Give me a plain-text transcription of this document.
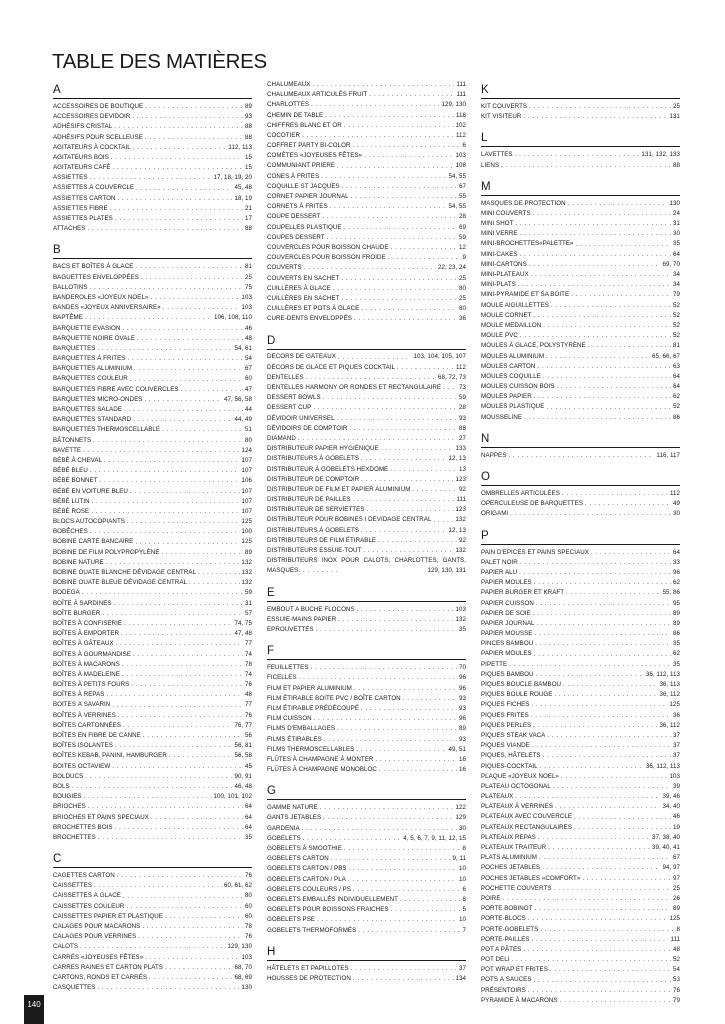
TABLE DES MATIÈRES
A
ACCESSOIRES DE BOUTIQUE . . .	89
ACCESSOIRES DEVIDOIR . . .	93
ADHÉSIFS CRISTAL . . .	88
ADHÉSIFS POUR SCELLEUSE . . .	88
AGITATEURS À COCKTAIL . . .	112, 113
AGITATEURS BOIS . . .	15
AGITATEURS CAFÉ . . .	15
ASSIETTES . . .	17, 18, 19, 20
ASSIETTES À COUVERCLE . . .	45, 48
ASSIETTES CARTON . . .	18, 19
ASSIETTES FIBRE . . .	21
ASSIETTES PLATES . . .	17
ATTACHES . . .	88
B
BACS ET BOÎTES À GLACE . . .	81
BAGUETTES ENVELOPPÉES . . .	25
BALLOTINS . . .	75
BANDEROLES «JOYEUX NOEL» . . .	103
BANDES «JOYEUX ANNIVERSAIRE» . . .	103
BAPTÊME . . .	106, 108, 110
BARQUETTE EVASION . . .	46
BARQUETTE NOIRE OVALE . . .	48
BARQUETTES . . .	54, 61
BARQUETTES À FRITES . . .	54
BARQUETTES ALUMINIUM . . .	67
BARQUETTES COULEUR . . .	60
BARQUETTES FIBRE AVEC COUVERCLES . . .	47
BARQUETTES MICRO-ONDES . . .	47, 56, 58
BARQUETTES SALADE . . .	44
BARQUETTES STANDARD . . .	44, 49
BARQUETTES THERMOSCELLABLE . . .	51
BÂTONNETS . . .	80
BAVETTE . . .	124
BÉBÉ À CHEVAL . . .	107
BÉBÉ BLEU . . .	107
BÉBÉ BONNET . . .	106
BÉBÉ EN VOITURE BLEU . . .	107
BÉBÉ LUTIN . . .	107
BÉBÉ ROSE . . .	107
BLOCS AUTOCOPIANTS . . .	125
BOBÊCHES . . .	100
BOBINE CARTE BANCAIRE . . .	125
BOBINE DE FILM POLYPROPYLÈNE . . .	89
BOBINE NATURE . . .	132
BOBINE OUATE BLANCHE DÉVIDAGE CENTRAL . . .	132
BOBINE OUATE BLEUE DÉVIDAGE CENTRAL . . .	132
BODEGA . . .	59
BOÎTE À SARDINES . . .	31
BOÎTE BURGER . . .	57
BOÎTES À CONFISERIE . . .	74, 75
BOÎTES À EMPORTER . . .	47, 48
BOÎTES À GÂTEAUX . . .	77
BOÎTES À GOURMANDISE . . .	74
BOÎTES À MACARONS . . .	78
BOÎTES À MADELEINE . . .	74
BOÎTES À PETITS FOURS . . .	76
BOÎTES À REPAS . . .	48
BOÎTES À SAVARIN . . .	77
BOÎTES À VERRINES . . .	76
BOÎTES CARTONNÉES . . .	76, 77
BOÎTES EN FIBRE DE CANNE . . .	56
BOÎTES ISOLANTES . . .	56, 81
BOÎTES KEBAB, PANINI, HAMBURGER . . .	56, 58
BOITES OCTAVIEW . . .	45
BOLDUCS . . .	90, 91
BOLS . . .	46, 48
BOUGIES . . .	100, 101, 102
BRIOCHES . . .	64
BRIOCHES ET PAINS SPECIAUX . . .	64
BROCHETTES BOIS . . .	64
BROCHETTES . . .	35
C
CAGETTES CARTON . . .	76
CAISSETTES . . .	60, 61, 62
CAISSETTES À GLACE . . .	80
CAISSETTES COULEUR . . .	60
CAISSETTES PAPIER ET PLASTIQUE . . .	60
CALAGES POUR MACARONS . . .	78
CALAGES POUR VERRINES . . .	76
CALOTS . . .	129, 130
CARRÉS «JOYEUSES FÊTES» . . .	103
CARRES RAINES ET CARTON PLATS . . .	68, 70
CARTONS, RONDS ET CARRÉS . . .	68, 69
CASQUETTES . . .	130
CHALUMEAUX . . .	111
CHALUMEAUX ARTICULÉS FRUIT . . .	111
CHARLOTTES . . .	129, 130
CHEMIN DE TABLE . . .	118
CHIFFRES BLANC ET OR . . .	102
COCOTIER . . .	112
COFFRET PARTY BI-COLOR . . .	6
COMÈTES «JOYEUSES FÊTES» . . .	103
COMMUNIANT PRIÈRE . . .	108
CONES À FRITES . . .	54, 55
COQUILLE ST JACQUES . . .	67
CORNET PAPIER JOURNAL . . .	55
CORNETS À FRITES . . .	54, 55
COUPE DESSERT . . .	28
COUPELLES PLASTIQUE . . .	69
COUPES DESSERT . . .	59
COUVERCLES POUR BOISSON CHAUDE . . .	12
COUVERCLES POUR BOISSON FROIDE . . .	9
COUVERTS . . .	22, 23, 24
COUVERTS EN SACHET . . .	25
CUILLÈRES À GLACE . . .	80
CUILLÈRES EN SACHET . . .	25
CUILLÈRES ET POTS À GLACE . . .	80
CURE-DENTS ENVELOPPÉS . . .	36
D
DÉCORS DE GÂTEAUX . . .	103, 104, 105, 107
DÉCORS DE GLACE ET PIQUES COCKTAIL . . .	112
DENTELLES . . .	68, 72, 73
DENTELLES HARMONY OR RONDES ET RECTANGULAIRE . . .	73
DESSERT BOWLS . . .	59
DESSERT CUP . . .	28
DÉVIDOIR UNIVERSEL . . .	93
DÉVIDOIRS DE COMPTOIR . . .	88
DIAMAND . . .	27
DISTRIBUTEUR PAPIER HYGIÉNIQUE . . .	133
DISTRIBUTEURS À GOBELETS . . .	12, 13
DISTRIBUTEUR À GOBELETS HEXDOME . . .	13
DISTRIBUTEUR DE COMPTOIR . . .	123
DISTRIBUTEUR DE FILM ET PAPIER ALUMINIUM . . .	92
DISTRIBUTEUR DE PAILLES . . .	111
DISTRIBUTEUR DE SERVIETTES . . .	123
DISTRIBUTEUR POUR BOBINES I DÉVIDAGE CENTRAL . . .	132
DISTRIBUTEURS À GOBELETS . . .	12, 13
DISTRIBUTEURS DE FILM ÉTIRABLE . . .	92
DISTRIBUTEURS ESSUIE-TOUT . . .	132
DISTRIBUTEURS INOX POUR CALOTS, CHARLOTTES, GANTS, MASQUES . . .	129, 130, 131
E
EMBOUT A BUCHE FLOCONS . . .	103
ESSUIE-MAINS PAPIER . . .	132
EPROUVETTES . . .	35
F
FEUILLETTES . . .	70
FICELLES . . .	96
FILM ET PAPIER ALUMINIUM . . .	96
FILM ÉTIRABLE BOITE PVC / BOÎTE CARTON . . .	93
FILM ÉTIRABLE PRÉDÉCOUPÉ . . .	93
FILM CUISSON . . .	96
FILMS D'EMBALLAGES . . .	89
FILMS ÉTIRABLES . . .	93
FILMS THERMOSCELLABLES . . .	49, 51
FLÛTES À CHAMPAGNE À MONTER . . .	16
FLÛTES À CHAMPAGNE MONOBLOC . . .	16
G
GAMME NATURE . . .	122
GANTS JETABLES . . .	129
GARDENIA . . .	30
GOBELETS . . .	4, 5, 6, 7, 9, 11, 12, 15
GOBELETS À SMOOTHIE . . .	8
GOBELETS CARTON . . .	9, 11
GOBELETS CARTON / PBS . . .	10
GOBELETS CARTON / PLA . . .	10
GOBELETS COULEURS / PS . . .	6
GOBELETS EMBALLÉS INDIVIDUELLEMENT . . .	8
GOBELETS POUR BOISSONS FRAICHES . . .	5
GOBELETS PSE . . .	10
GOBELETS THERMOFORMÉS . . .	7
H
HÂTELETS ET PAPILLOTES . . .	37
HOUSSES DE PROTECTION . . .	134
K
KIT COUVERTS . . .	25
KIT VISITEUR . . .	131
L
LAVETTES . . .	131, 132, 133
LIENS . . .	88
M
MASQUES DE PROTECTION . . .	130
MINI COUVERTS . . .	24
MINI SHOT . . .	31
MINI VERRE . . .	30
MINI-BROCHETTES«PALETTE» . . .	35
MINI-CAKES . . .	64
MINI-CARTONS . . .	69, 70
MINI-PLATEAUX . . .	34
MINI-PLATS . . .	34
MINI-PYRAMIDE ET SA BOITE . . .	79
MOULE AIGUILLETTES . . .	52
MOULE CORNET . . .	52
MOULE MEDAILLON . . .	52
MOULE PVC . . .	52
MOULES À GLACE, POLYSTYRÈNE . . .	81
MOULES ALUMINIUM . . .	65, 66, 67
MOULES CARTON . . .	63
MOULES COQUILLE . . .	64
MOULES CUISSON BOIS . . .	64
MOULES PAPIER . . .	62
MOULES PLASTIQUE . . .	52
MOUSSELINE . . .	86
N
NAPPES . . .	116, 117
O
OMBRELLES ARTICULÉES . . .	112
OPERCULEUSE DE BARQUETTES . . .	49
ORIGAMI . . .	30
P
PAIN D'EPICES ET PAINS SPECIAUX . . .	64
PALET NOIR . . .	33
PAPIER ALU . . .	96
PAPIER MOULES . . .	62
PAPIER BURGER ET KRAFT . . .	55, 86
PAPIER CUISSON . . .	95
PAPIER DE SOIE . . .	89
PAPIER JOURNAL . . .	89
PAPIER MOUSSE . . .	86
PINCES BAMBOU . . .	35
PAPIER MOULES . . .	62
PIPETTE . . .	35
PIQUES BAMBOU . . .	36, 112, 113
PIQUES BOUCLE BAMBOU . . .	36, 113
PIQUES BOULE ROUGE . . .	36, 112
PIQUES FICHES . . .	125
PIQUES FRITES . . .	36
PIQUES PERLES . . .	36, 112
PIQUES STEAK VACA . . .	37
PIQUES VIANDE . . .	37
PIQUES, HÂTELETS . . .	37
PIQUES-COCKTAIL . . .	36, 112, 113
PLAQUE «JOYEUX NOEL» . . .	103
PLATEAU OCTOGONAL . . .	39
PLATEAUX . . .	39, 46
PLATEAUX À VERRINES . . .	34, 40
PLATEAUX AVEC COUVERCLE . . .	46
PLATEAUX RECTANGULAIRES . . .	19
PLATEAUX REPAS . . .	37, 38, 40
PLATEAUX TRAITEUR . . .	39, 40, 41
PLATS ALUMINIUM . . .	67
POCHES JETABLES . . .	94, 97
POCHES JETABLES «COMFORT» . . .	97
POCHETTE COUVERTS . . .	25
POIRE . . .	26
PORTE BOBINOT . . .	89
PORTE-BLOCS . . .	125
PORTE-GOBELETS . . .	8
PORTE-PAILLES . . .	111
POT A PÂTES . . .	48
POT DELI . . .	52
POT WRAP ET FRITES . . .	54
POTS À SAUCES . . .	53
PRÉSENTOIRS . . .	76
PYRAMIDE À MACARONS . . .	79
140
